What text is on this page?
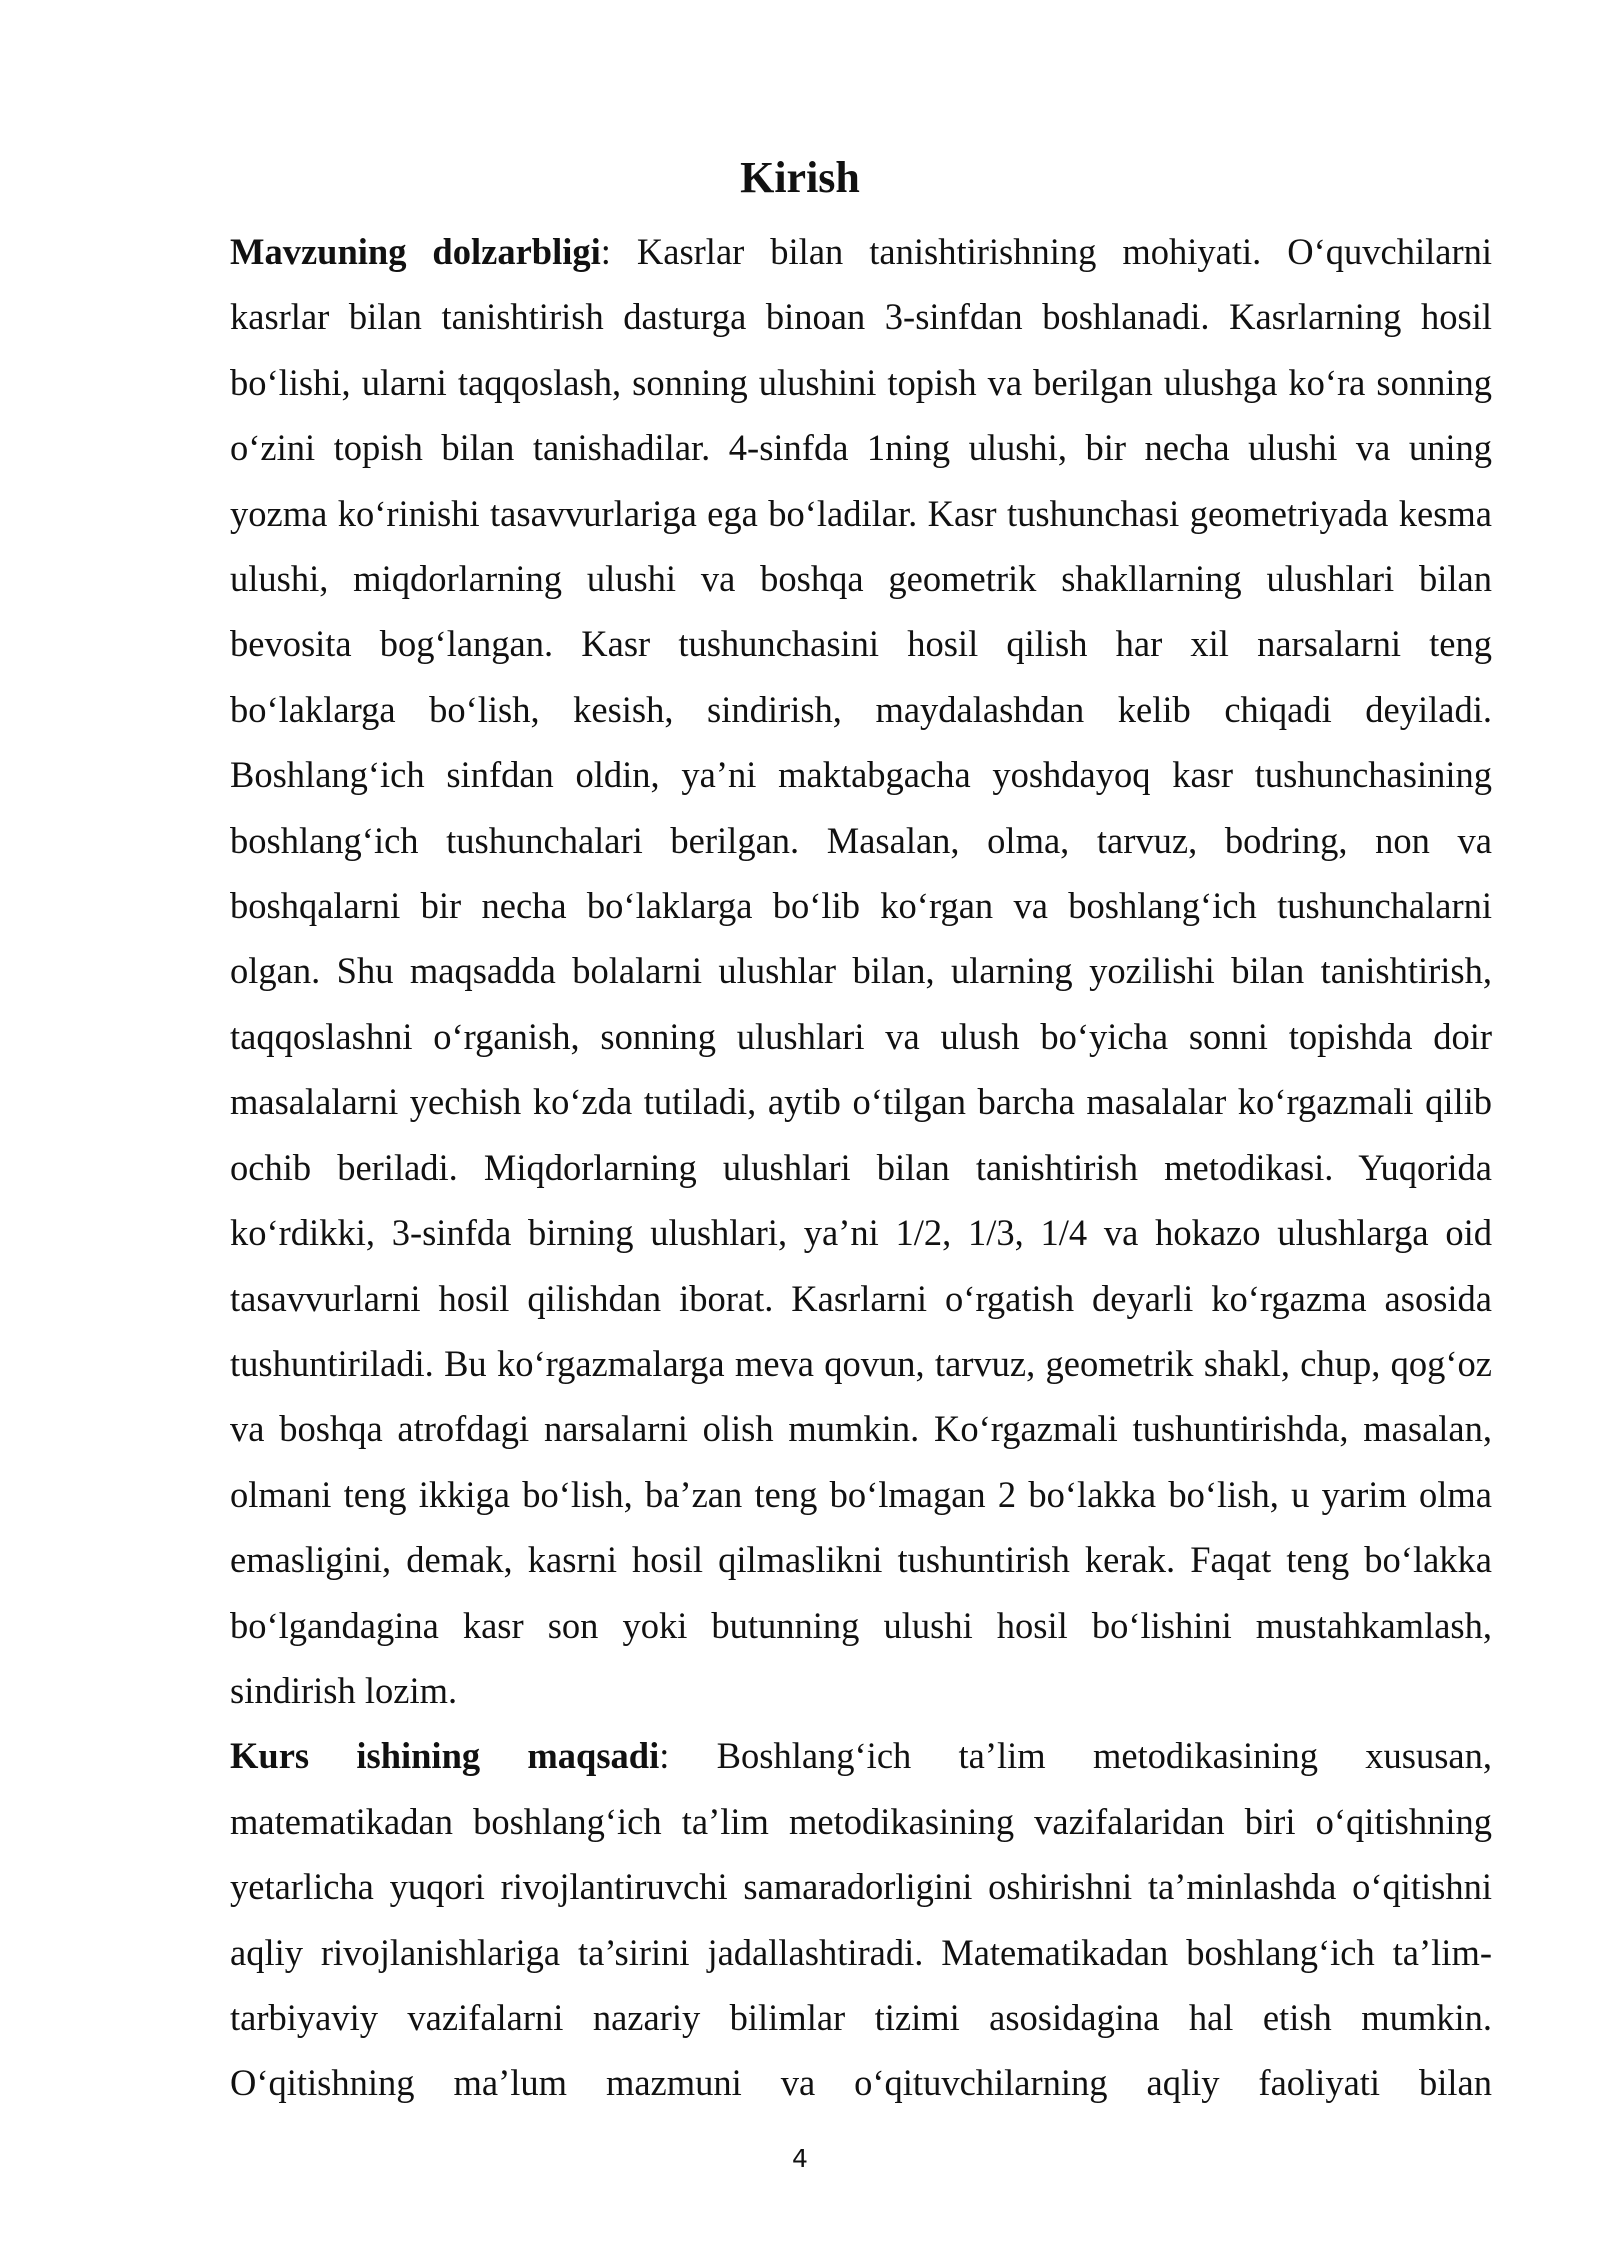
Kirish

Mavzuning dolzarbligi: Kasrlar bilan tanishtirishning mohiyati. O‘quvchilarni kasrlar bilan tanishtirish dasturga binoan 3-sinfdan boshlanadi. Kasrlarning hosil bo‘lishi, ularni taqqoslash, sonning ulushini topish va berilgan ulushga ko‘ra sonning o‘zini topish bilan tanishadilar. 4-sinfda 1ning ulushi, bir necha ulushi va uning yozma ko‘rinishi tasavvurlariga ega bo‘ladilar. Kasr tushunchasi geometriyada kesma ulushi, miqdorlarning ulushi va boshqa geometrik shakllarning ulushlari bilan bevosita bog‘langan. Kasr tushunchasini hosil qilish har xil narsalarni teng bo‘laklarga bo‘lish, kesish, sindirish, maydalashdan kelib chiqadi deyiladi. Boshlang‘ich sinfdan oldin, ya’ni maktabgacha yoshdayoq kasr tushunchasining boshlang‘ich tushunchalari berilgan. Masalan, olma, tarvuz, bodring, non va boshqalarni bir necha bo‘laklarga bo‘lib ko‘rgan va boshlang‘ich tushunchalarni olgan. Shu maqsadda bolalarni ulushlar bilan, ularning yozilishi bilan tanishtirish, taqqoslashni o‘rganish, sonning ulushlari va ulush bo‘yicha sonni topishda doir masalalarni yechish ko‘zda tutiladi, aytib o‘tilgan barcha masalalar ko‘rgazmali qilib ochib beriladi. Miqdorlarning ulushlari bilan tanishtirish metodikasi. Yuqorida ko‘rdikki, 3-sinfda birning ulushlari, ya’ni 1/2, 1/3, 1/4 va hokazo ulushlarga oid tasavvurlarni hosil qilishdan iborat. Kasrlarni o‘rgatish deyarli ko‘rgazma asosida tushuntiriladi. Bu ko‘rgazmalarga meva qovun, tarvuz, geometrik shakl, chup, qog‘oz va boshqa atrofdagi narsalarni olish mumkin. Ko‘rgazmali tushuntirishda, masalan, olmani teng ikkiga bo‘lish, ba’zan teng bo‘lmagan 2 bo‘lakka bo‘lish, u yarim olma emasligini, demak, kasrni hosil qilmaslikni tushuntirish kerak. Faqat teng bo‘lakka bo‘lgandagina kasr son yoki butunning ulushi hosil bo‘lishini mustahkamlash, sindirish lozim.

Kurs ishining maqsadi: Boshlang‘ich ta’lim metodikasining xususan, matematikadan boshlang‘ich ta’lim metodikasining vazifalaridan biri o‘qitishning yetarlicha yuqori rivojlantiruvchi samaradorligini oshirishni ta’minlashda o‘qitishni aqliy rivojlanishlariga ta’sirini jadallashtiradi. Matematikadan boshlang‘ich ta’lim-tarbiyaviy vazifalarni nazariy bilimlar tizimi asosidagina hal etish mumkin. O‘qitishning ma’lum mazmuni va o‘qituvchilarning aqliy faoliyati bilan

4
